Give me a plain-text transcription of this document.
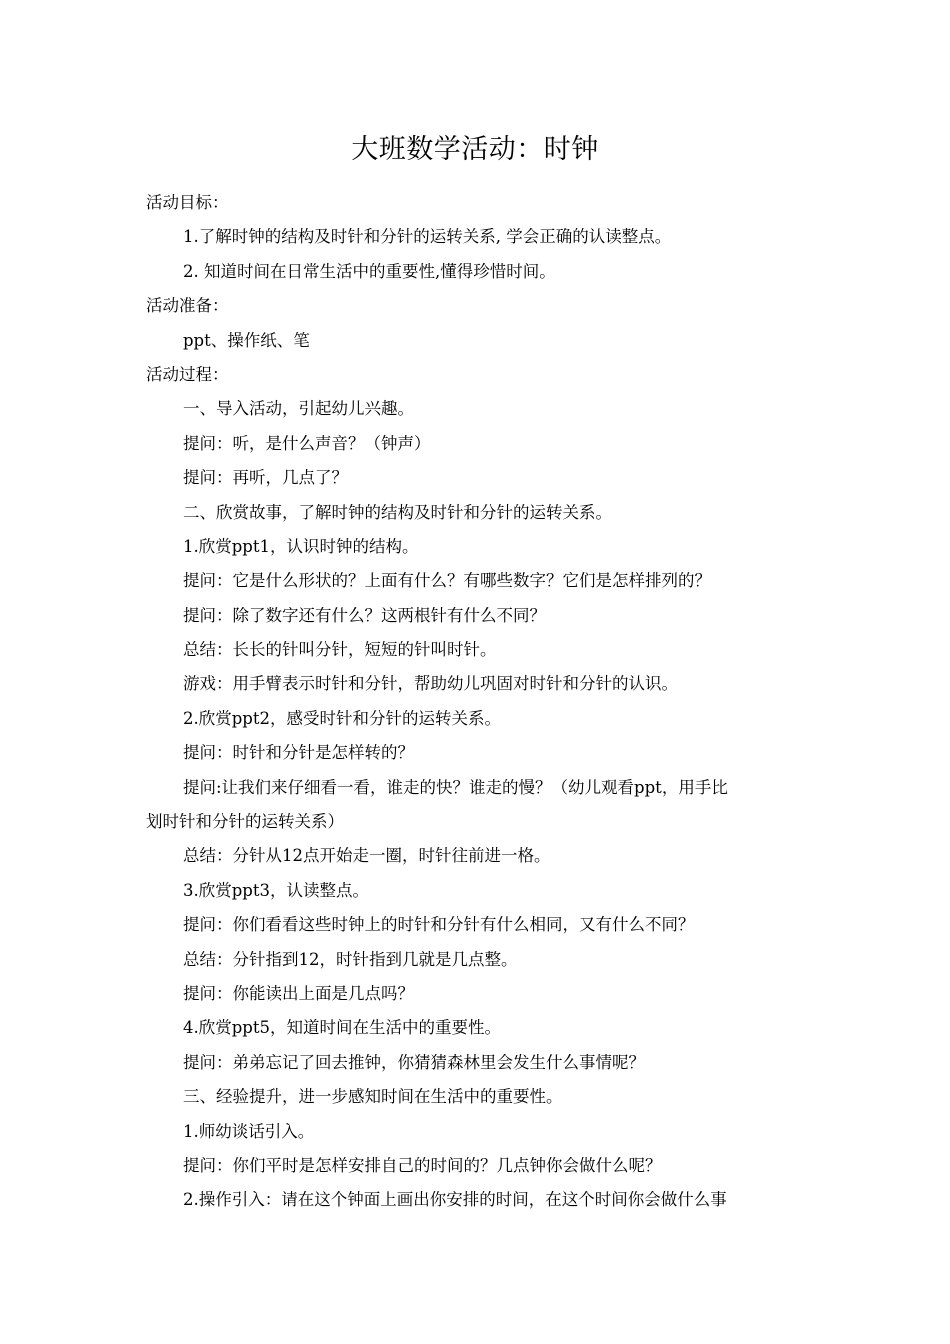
大班数学活动：时钟
活动目标：
1.了解时钟的结构及时针和分针的运转关系, 学会正确的认读整点。
2. 知道时间在日常生活中的重要性,懂得珍惜时间。
活动准备：
ppt、操作纸、笔
活动过程：
一、导入活动，引起幼儿兴趣。
提问：听，是什么声音？（钟声）
提问：再听，几点了？
二、欣赏故事，了解时钟的结构及时针和分针的运转关系。
1.欣赏ppt1，认识时钟的结构。
提问：它是什么形状的？上面有什么？有哪些数字？它们是怎样排列的？
提问：除了数字还有什么？这两根针有什么不同？
总结：长长的针叫分针，短短的针叫时针。
游戏：用手臂表示时针和分针，帮助幼儿巩固对时针和分针的认识。
2.欣赏ppt2，感受时针和分针的运转关系。
提问：时针和分针是怎样转的？
提问:让我们来仔细看一看，谁走的快？谁走的慢？（幼儿观看ppt，用手比
划时针和分针的运转关系）
总结：分针从12点开始走一圈，时针往前进一格。
3.欣赏ppt3，认读整点。
提问：你们看看这些时钟上的时针和分针有什么相同，又有什么不同？
总结：分针指到12，时针指到几就是几点整。
提问：你能读出上面是几点吗？
4.欣赏ppt5，知道时间在生活中的重要性。
提问：弟弟忘记了回去推钟，你猜猜森林里会发生什么事情呢？
三、经验提升，进一步感知时间在生活中的重要性。
1.师幼谈话引入。
提问：你们平时是怎样安排自己的时间的？几点钟你会做什么呢？
2.操作引入：请在这个钟面上画出你安排的时间，在这个时间你会做什么事
